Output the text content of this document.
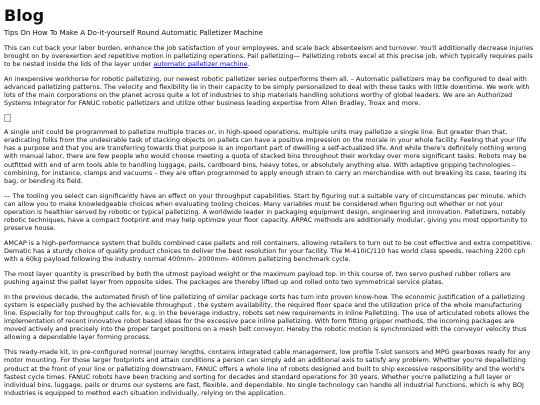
Blog
Tips On How To Make A Do-it-yourself Round Automatic Palletizer Machine

This can cut back your labor burden, enhance the job satisfaction of your employees, and scale back absenteeism and turnover. You'll additionally decrease injuries brought on by overexertion and repetitive motion in palletizing operations. Pail palletizing— Palletizing robots excel at this precise job, which typically requires pails to be nested inside the lids of the layer under automatic palletizer machine.

An inexpensive workhorse for robotic palletizing, our newest robotic palletizer series outperforms them all. – Automatic palletizers may be configured to deal with advanced palletizing patterns. The velocity and flexibility lie in their capacity to be simply personalized to deal with these tasks with little downtime. We work with lots of the main corporations on the planet across quite a lot of industries to ship materials handling solutions worthy of global leaders. We are an Authorized Systems Integrator for FANUC robotic palletizers and utilize other business leading expertise from Allen Bradley, Troax and more.

A single unit could be programmed to palletize multiple traces or, in high-speed operations, multiple units may palletize a single line. But greater than that, eradicating folks from the undesirable task of stacking objects on pallets can have a positive impression on the morale in your whole facility. Feeling that your life has a purpose and that you are transferring towards that purpose is an important part of dwelling a self-actualized life. And while there's definitely nothing wrong with manual labor, there are few people who would choose meeting a quota of stacked bins throughout their workday over more significant tasks. Robots may be outfitted with end of arm tools able to handling luggage, pails, cardboard bins, heavy totes, or absolutely anything else. With adaptive gripping technologies – combining, for instance, clamps and vacuums – they are often programmed to apply enough strain to carry an merchandise with out breaking its case, tearing its bag, or bending its field.

— The tooling you select can significantly have an effect on your throughput capabilities. Start by figuring out a suitable vary of circumstances per minute, which can allow you to make knowledgeable choices when evaluating tooling choices. Many variables must be considered when figuring out whether or not your operation is healthier served by robotic or typical palletizing. A worldwide leader in packaging equipment design, engineering and innovation. Palletizers, notably robotic techniques, have a compact footprint and may help optimize your floor capacity. ARPAC methods are additionally modular, giving you most opportunity to preserve house.

AMCAP is a high-performance system that builds combined case pallets and roll containers, allowing retailers to turn out to be cost effective and extra competitive. Dematic has a sturdy choice of quality product choices to deliver the best resolution for your facility. The M-410iC/110 has world class speeds, reaching 2200 cph with a 60kg payload following the industry normal 400mm– 2000mm- 400mm palletizing benchmark cycle.

The most layer quantity is prescribed by both the utmost payload weight or the maximum payload top. In this course of, two servo pushed rubber rollers are pushing against the pallet layer from opposite sides. The packages are thereby lifted up and rolled onto two symmetrical service plates.

In the previous decade, the automated finish of line palletizing of similar package sorts has turn into proven know-how. The economic justification of a palletizing system is especially pushed by the achievable throughput , the system availability, the required floor space and the utilization price of the whole manufacturing line. Especially for top throughput calls for, e.g. in the beverage industry, robots set new requirements in Inline Palletizing. The use of articulated robots allows the implementation of recent innovative robot based ideas for the excessive pace inline palletizing. With form fitting gripper methods, the incoming packages are moved actively and precisely into the proper target positions on a mesh belt conveyor. Hereby the robotic motion is synchronized with the conveyor velocity thus allowing a dependable layer forming process.

This ready-made kit, in pre-configured normal journey lengths, contains integrated cable management, low profile T-slot sensors and MPG gearboxes ready for any motor mounting. For those larger footprints and attain conditions a person can simply add an additional axis to satisfy any problem. Whether you're depalletizing product at the front of your line or palletizing downstream, FANUC offers a whole line of robots designed and built to ship excessive responsibility and the world's fastest cycle times. FANUC robots have been tracking and sorting for decades and standard operations for 30 years. Whether you're palletizing a full layer or individual bins, luggage, pails or drums our systems are fast, flexible, and dependable. No single technology can handle all industrial functions, which is why BOJ Industries is equipped to method each situation individually, relying on the application.
